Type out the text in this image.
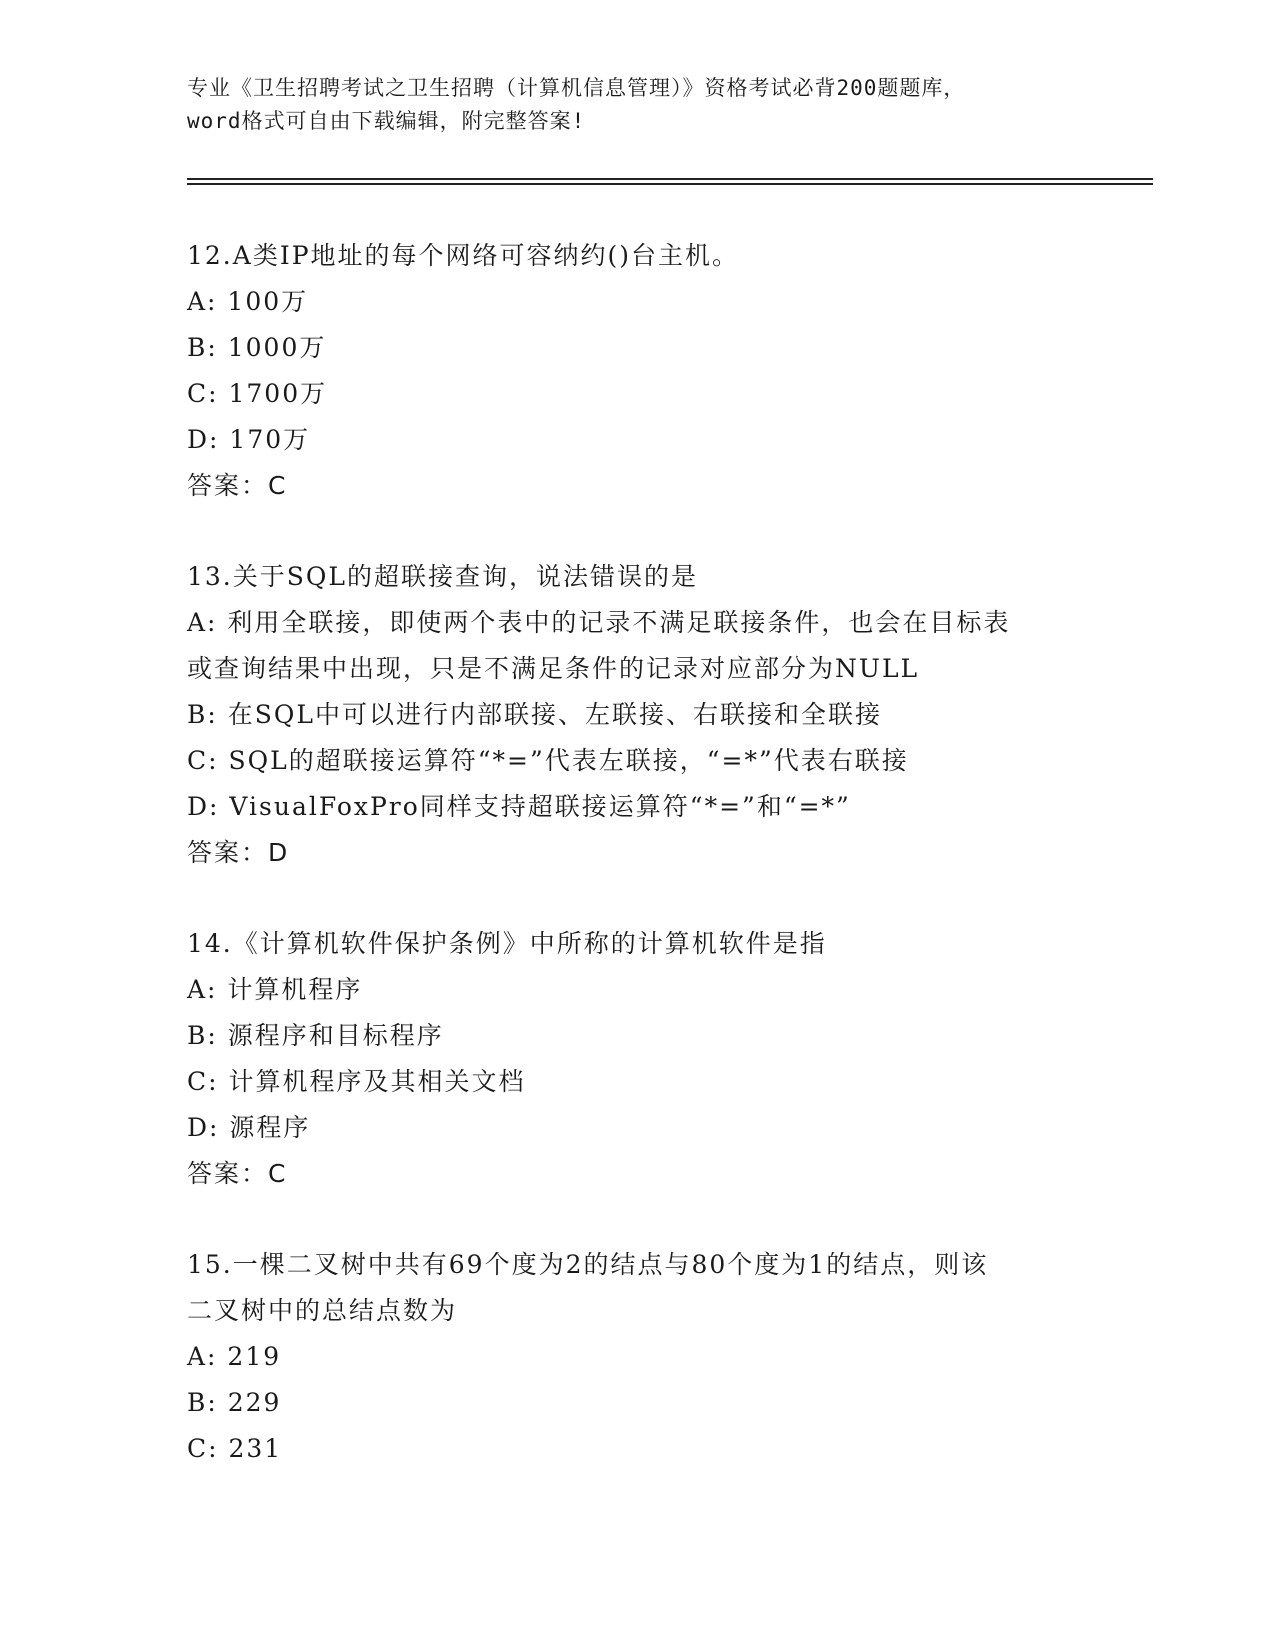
专业《卫生招聘考试之卫生招聘（计算机信息管理）》资格考试必背200题题库，
word格式可自由下载编辑，附完整答案!
12.A类IP地址的每个网络可容纳约()台主机。
A: 100万
B: 1000万
C: 1700万
D: 170万
答案：C
13.关于SQL的超联接查询，说法错误的是
A: 利用全联接，即使两个表中的记录不满足联接条件，也会在目标表
或查询结果中出现，只是不满足条件的记录对应部分为NULL
B: 在SQL中可以进行内部联接、左联接、右联接和全联接
C: SQL的超联接运算符“*=”代表左联接，“=*”代表右联接
D: VisualFoxPro同样支持超联接运算符“*=”和“=*”
答案：D
14.《计算机软件保护条例》中所称的计算机软件是指
A: 计算机程序
B: 源程序和目标程序
C: 计算机程序及其相关文档
D: 源程序
答案：C
15.一棵二叉树中共有69个度为2的结点与80个度为1的结点，则该
二叉树中的总结点数为
A: 219
B: 229
C: 231
